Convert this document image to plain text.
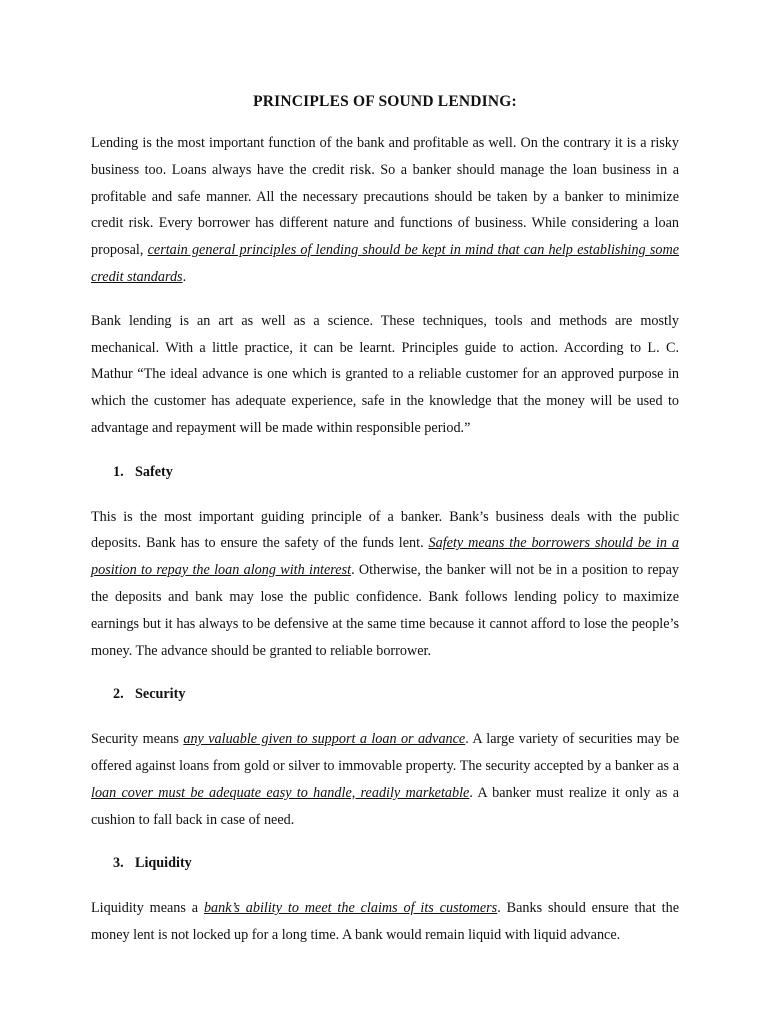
PRINCIPLES OF SOUND LENDING:

Lending is the most important function of the bank and profitable as well. On the contrary it is a risky business too. Loans always have the credit risk. So a banker should manage the loan business in a profitable and safe manner. All the necessary precautions should be taken by a banker to minimize credit risk. Every borrower has different nature and functions of business. While considering a loan proposal, certain general principles of lending should be kept in mind that can help establishing some credit standards.

Bank lending is an art as well as a science. These techniques, tools and methods are mostly mechanical. With a little practice, it can be learnt. Principles guide to action. According to L. C. Mathur “The ideal advance is one which is granted to a reliable customer for an approved purpose in which the customer has adequate experience, safe in the knowledge that the money will be used to advantage and repayment will be made within responsible period.”

1. Safety

This is the most important guiding principle of a banker. Bank’s business deals with the public deposits. Bank has to ensure the safety of the funds lent. Safety means the borrowers should be in a position to repay the loan along with interest. Otherwise, the banker will not be in a position to repay the deposits and bank may lose the public confidence. Bank follows lending policy to maximize earnings but it has always to be defensive at the same time because it cannot afford to lose the people’s money. The advance should be granted to reliable borrower.

2. Security

Security means any valuable given to support a loan or advance. A large variety of securities may be offered against loans from gold or silver to immovable property. The security accepted by a banker as a loan cover must be adequate easy to handle, readily marketable. A banker must realize it only as a cushion to fall back in case of need.

3. Liquidity

Liquidity means a bank’s ability to meet the claims of its customers. Banks should ensure that the money lent is not locked up for a long time. A bank would remain liquid with liquid advance.
